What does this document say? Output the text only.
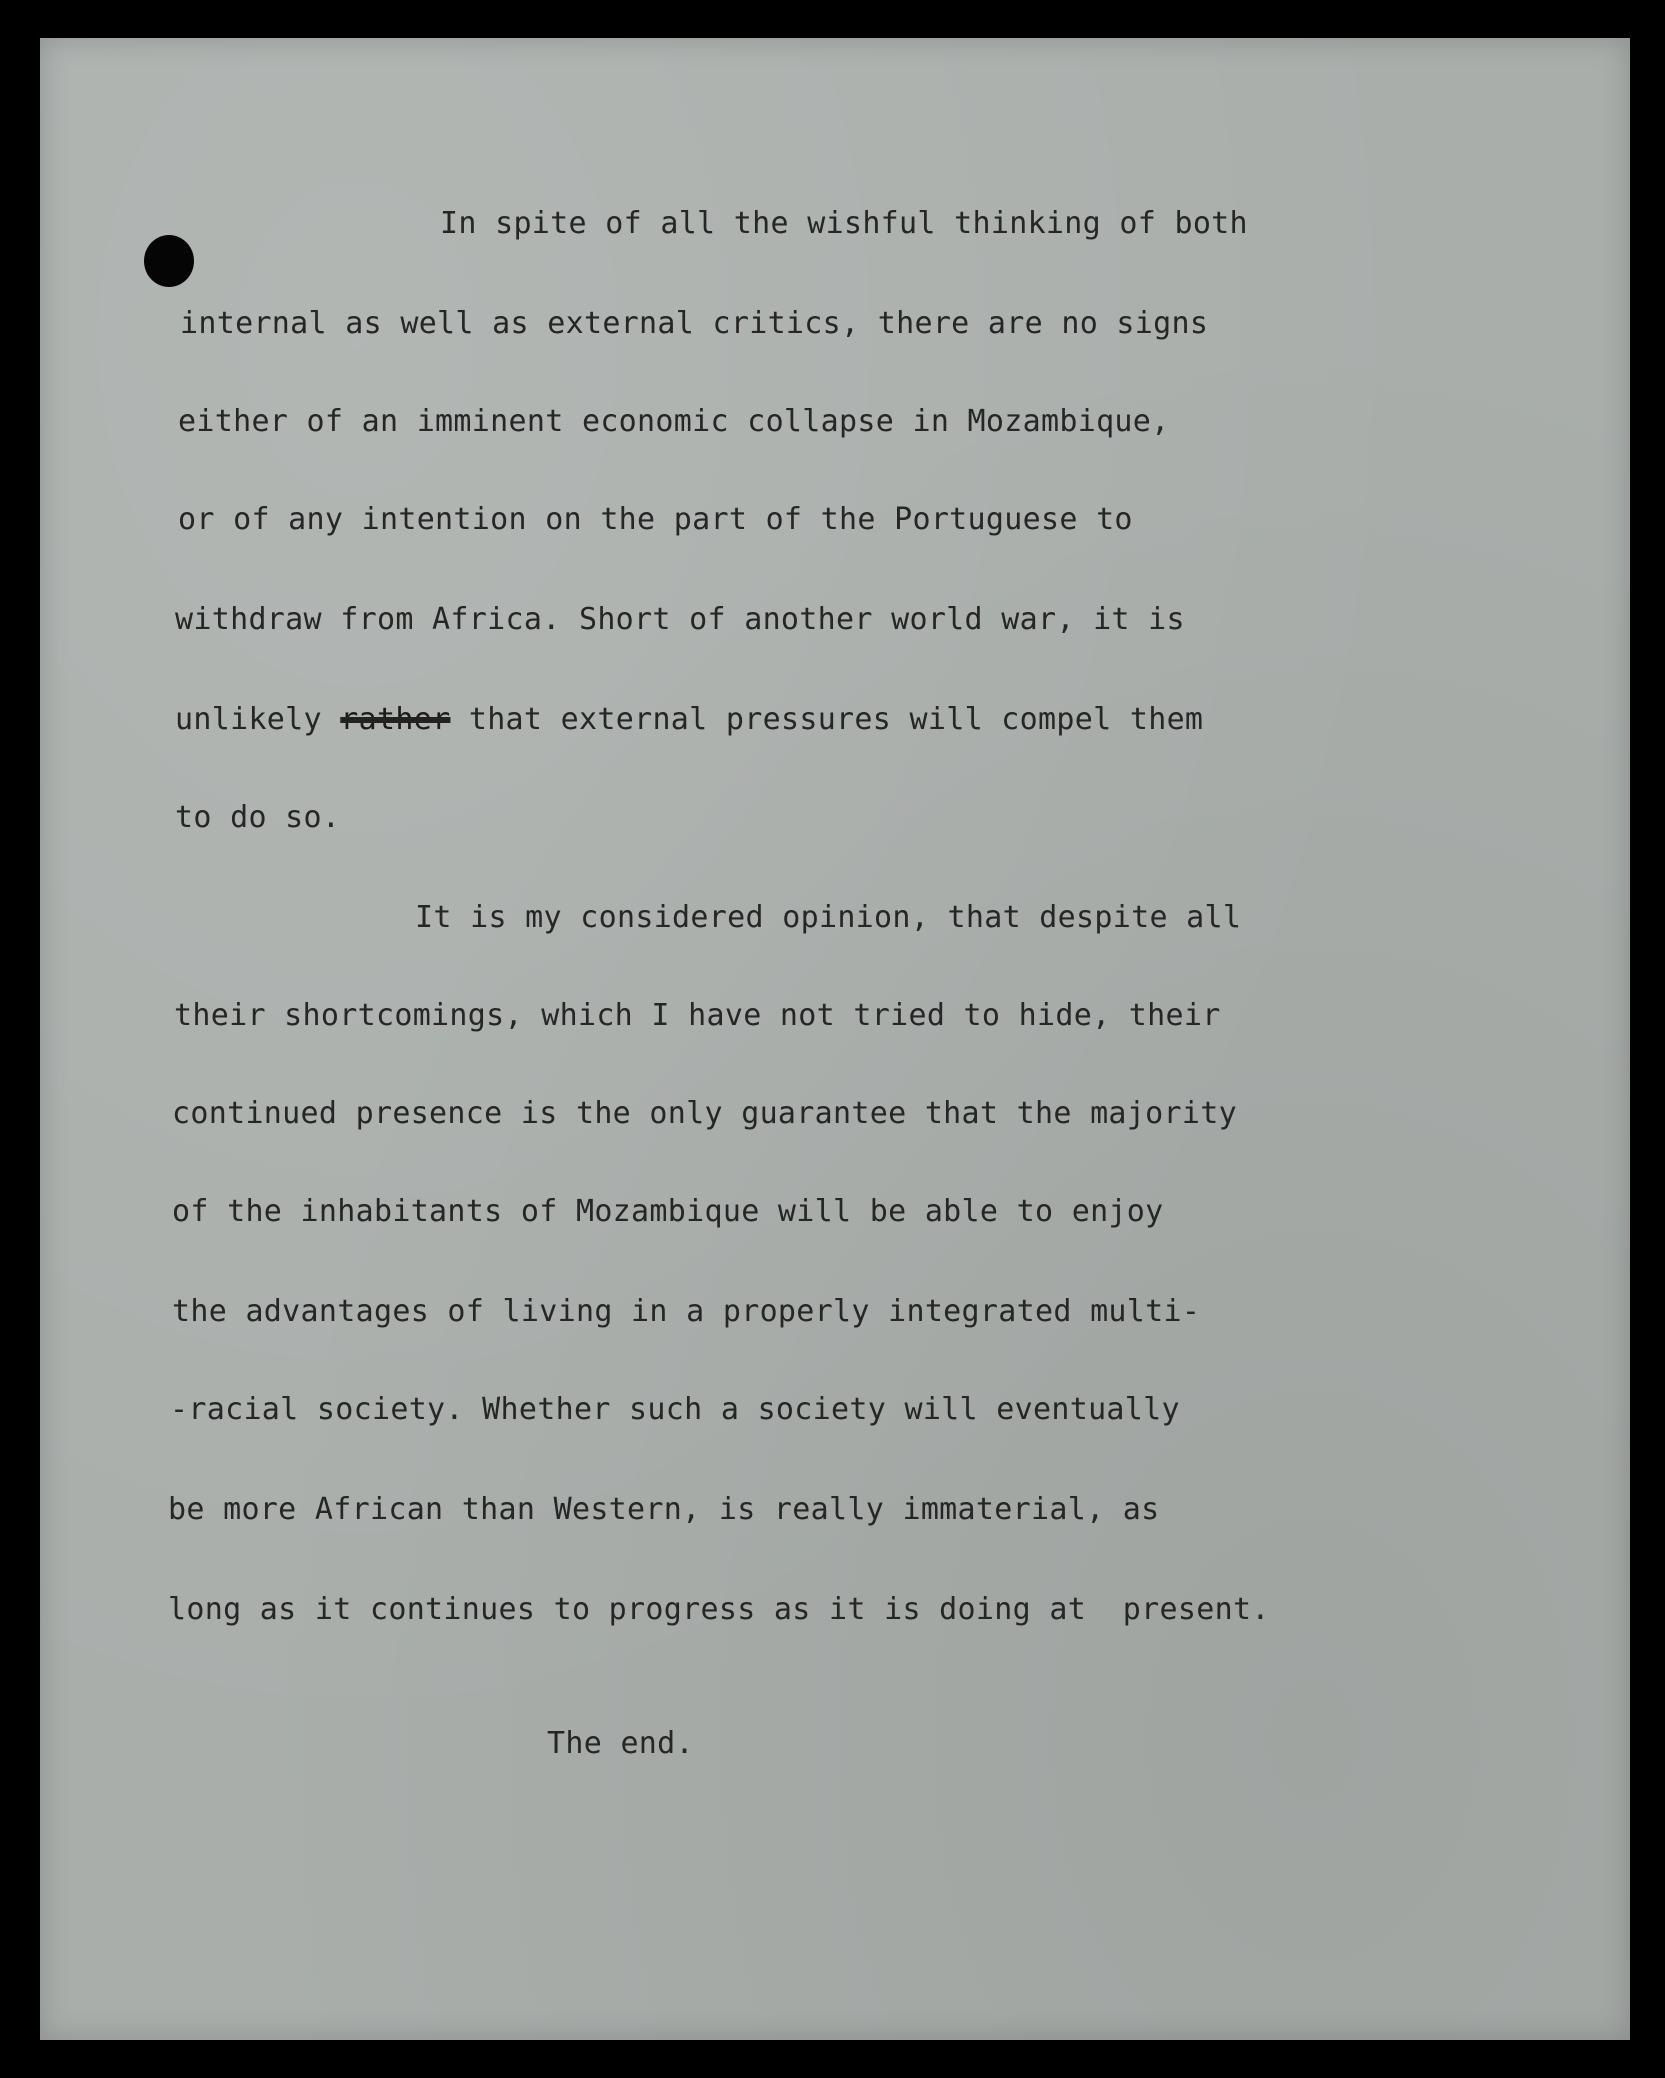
In spite of all the wishful thinking of both
internal as well as external critics, there are no signs
either of an imminent economic collapse in Mozambique,
or of any intention on the part of the Portuguese to
withdraw from Africa. Short of another world war, it is
unlikely rather that external pressures will compel them
to do so.
It is my considered opinion, that despite all
their shortcomings, which I have not tried to hide, their
continued presence is the only guarantee that the majority
of the inhabitants of Mozambique will be able to enjoy
the advantages of living in a properly integrated multi-
-racial society. Whether such a society will eventually
be more African than Western, is really immaterial, as
long as it continues to progress as it is doing at  present.
The end.
